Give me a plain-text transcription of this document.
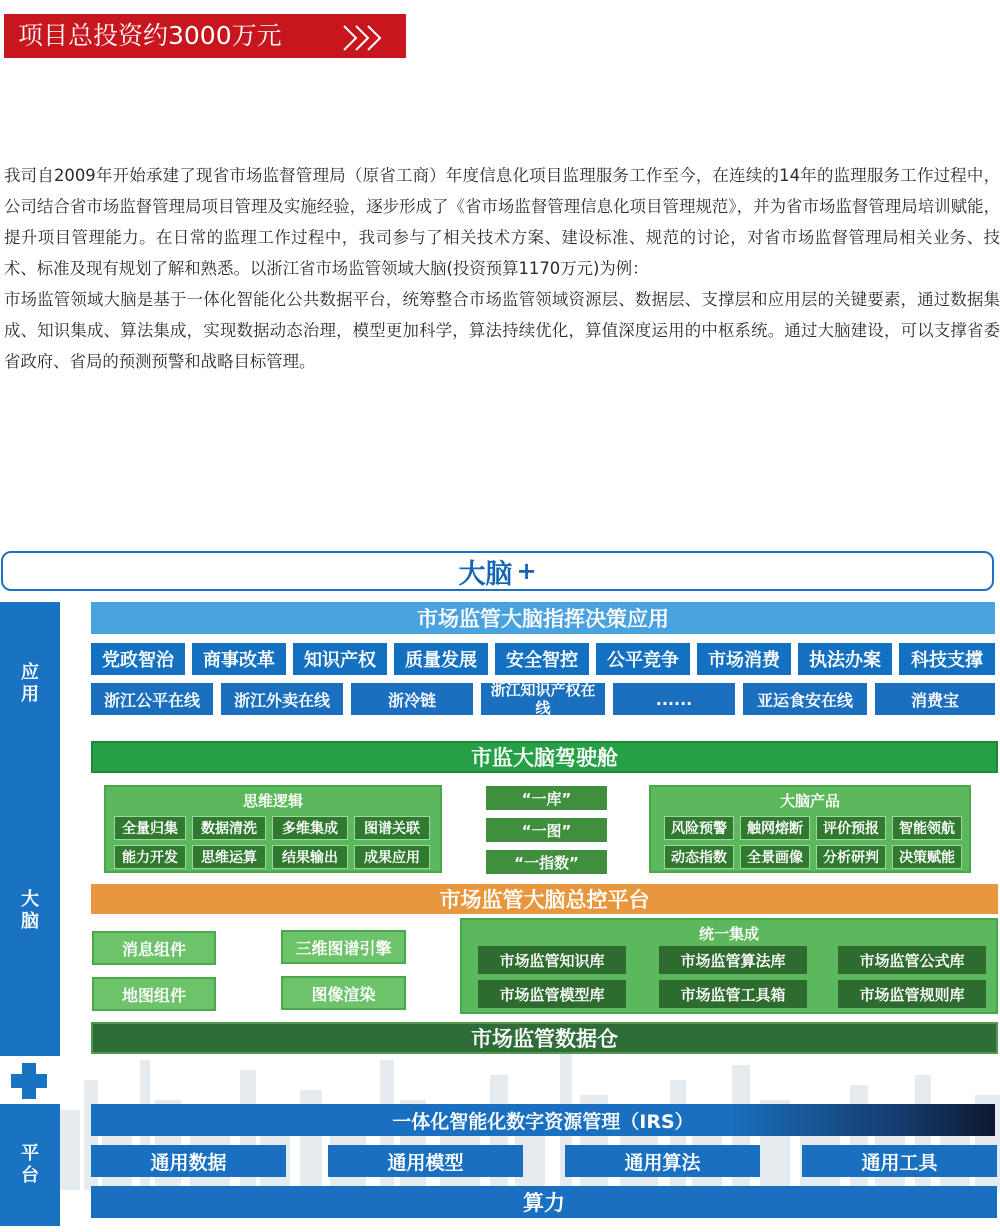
项目总投资约3000万元

我司自2009年开始承建了现省市场监督管理局（原省工商）年度信息化项目监理服务工作至今，在连续的14年的监理服务工作过程中，公司结合省市场监督管理局项目管理及实施经验，逐步形成了《省市场监督管理信息化项目管理规范》，并为省市场监督管理局培训赋能，提升项目管理能力。在日常的监理工作过程中，我司参与了相关技术方案、建设标准、规范的讨论，对省市场监督管理局相关业务、技术、标准及现有规划了解和熟悉。以浙江省市场监管领域大脑(投资预算1170万元)为例：

市场监管领域大脑是基于一体化智能化公共数据平台，统筹整合市场监管领域资源层、数据层、支撑层和应用层的关键要素，通过数据集成、知识集成、算法集成，实现数据动态治理，模型更加科学，算法持续优化，算值深度运用的中枢系统。通过大脑建设，可以支撑省委省政府、省局的预测预警和战略目标管理。

大脑 +
应
用
大
脑
平
台
市场监管大脑指挥决策应用
党政智治	商事改革	知识产权	质量发展	安全智控	公平竞争	市场消费	执法办案	科技支撑
浙江公平在线	浙江外卖在线	浙冷链
浙江知识产权在线	......	亚运食安在线	消费宝
市监大脑驾驶舱
思维逻辑
全量归集	数据清洗	多维集成	图谱关联
能力开发	思维运算	结果输出	成果应用
“一库”
“一图”
“一指数”
大脑产品
风险预警	触网熔断	评价预报	智能领航
动态指数	全景画像	分析研判	决策赋能
市场监管大脑总控平台
消息组件
地图组件
三维图谱引擎
图像渲染
统一集成
市场监管知识库	市场监管算法库	市场监管公式库
市场监管模型库	市场监管工具箱	市场监管规则库
市场监管数据仓
一体化智能化数字资源管理（IRS）
通用数据	通用模型	通用算法	通用工具
算力
